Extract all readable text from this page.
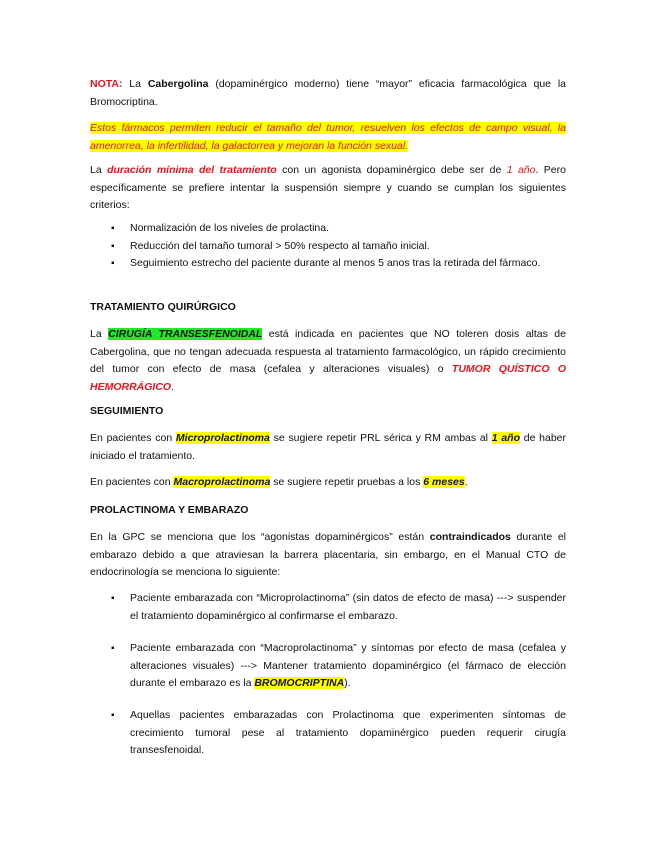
NOTA: La Cabergolina (dopaminérgico moderno) tiene “mayor” eficacia farmacológica que la Bromocriptina.

Estos fármacos permiten reducir el tamaño del tumor, resuelven los efectos de campo visual, la amenorrea, la infertilidad, la galactorrea y mejoran la función sexual.

La duración mínima del tratamiento con un agonista dopaminérgico debe ser de 1 año. Pero específicamente se prefiere intentar la suspensión siempre y cuando se cumplan los siguientes criterios:

▪ Normalización de los niveles de prolactina.
▪ Reducción del tamaño tumoral > 50% respecto al tamaño inicial.
▪ Seguimiento estrecho del paciente durante al menos 5 anos tras la retirada del fármaco.
TRATAMIENTO QUIRÚRGICO

La CIRUGÍA TRANSESFENOIDAL está indicada en pacientes que NO toleren dosis altas de Cabergolina, que no tengan adecuada respuesta al tratamiento farmacológico, un rápido crecimiento del tumor con efecto de masa (cefalea y alteraciones visuales) o TUMOR QUÍSTICO O HEMORRÁGICO.

SEGUIMIENTO

En pacientes con Microprolactinoma se sugiere repetir PRL sérica y RM ambas al 1 año de haber iniciado el tratamiento.

En pacientes con Macroprolactinoma se sugiere repetir pruebas a los 6 meses.

PROLACTINOMA Y EMBARAZO

En la GPC se menciona que los “agonistas dopaminérgicos” están contraindicados durante el embarazo debido a que atraviesan la barrera placentaria, sin embargo, en el Manual CTO de endocrinología se menciona lo siguiente:

▪ Paciente embarazada con “Microprolactinoma” (sin datos de efecto de masa) ---> suspender el tratamiento dopaminérgico al confirmarse el embarazo.
▪ Paciente embarazada con “Macroprolactinoma” y síntomas por efecto de masa (cefalea y alteraciones visuales) ---> Mantener tratamiento dopaminérgico (el fármaco de elección durante el embarazo es la BROMOCRIPTINA).
▪ Aquellas pacientes embarazadas con Prolactinoma que experimenten síntomas de crecimiento tumoral pese al tratamiento dopaminérgico pueden requerir cirugía transesfenoidal.
